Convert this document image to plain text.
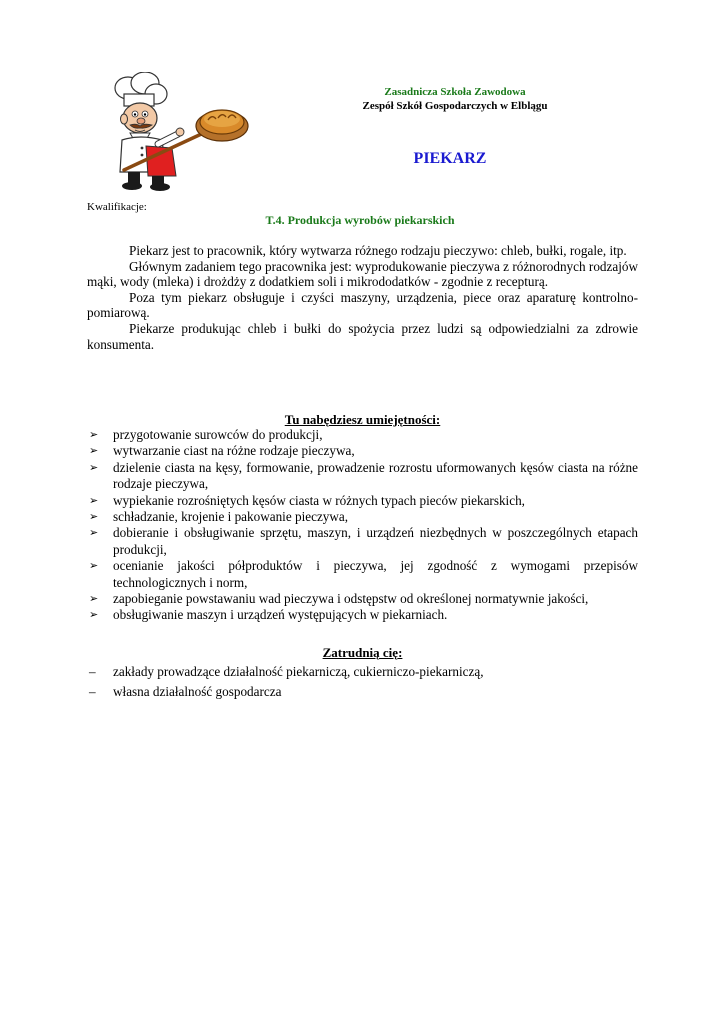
Zasadnicza Szkoła Zawodowa
Zespół Szkół Gospodarczych w Elblągu
PIEKARZ
Kwalifikacje:
T.4. Produkcja wyrobów piekarskich

Piekarz jest to pracownik, który wytwarza różnego rodzaju pieczywo: chleb, bułki, rogale, itp.

Głównym zadaniem tego pracownika jest: wyprodukowanie pieczywa z różnorodnych rodzajów mąki, wody (mleka) i drożdży z dodatkiem soli i mikrododatków - zgodnie z recepturą.

Poza tym piekarz obsługuje i czyści maszyny, urządzenia, piece oraz aparaturę kontrolno- pomiarową.

Piekarze produkując chleb i bułki do spożycia przez ludzi są odpowiedzialni za zdrowie konsumenta.

Tu nabędziesz umiejętności:
➢ przygotowanie surowców do produkcji,
➢ wytwarzanie ciast na różne rodzaje pieczywa,
➢ dzielenie ciasta na kęsy, formowanie, prowadzenie rozrostu uformowanych kęsów ciasta na różne rodzaje pieczywa,
➢ wypiekanie rozrośniętych kęsów ciasta w różnych typach pieców piekarskich,
➢ schładzanie, krojenie i pakowanie pieczywa,
➢ dobieranie i obsługiwanie sprzętu, maszyn, i urządzeń niezbędnych w poszczególnych etapach produkcji,
➢ ocenianie jakości półproduktów i pieczywa, jej zgodność z wymogami przepisów technologicznych i norm,
➢ zapobieganie powstawaniu wad pieczywa i odstępstw od określonej normatywnie jakości,
➢ obsługiwanie maszyn i urządzeń występujących w piekarniach.
Zatrudnią cię:
– zakłady prowadzące działalność piekarniczą, cukierniczo-piekarniczą,
– własna działalność gospodarcza
